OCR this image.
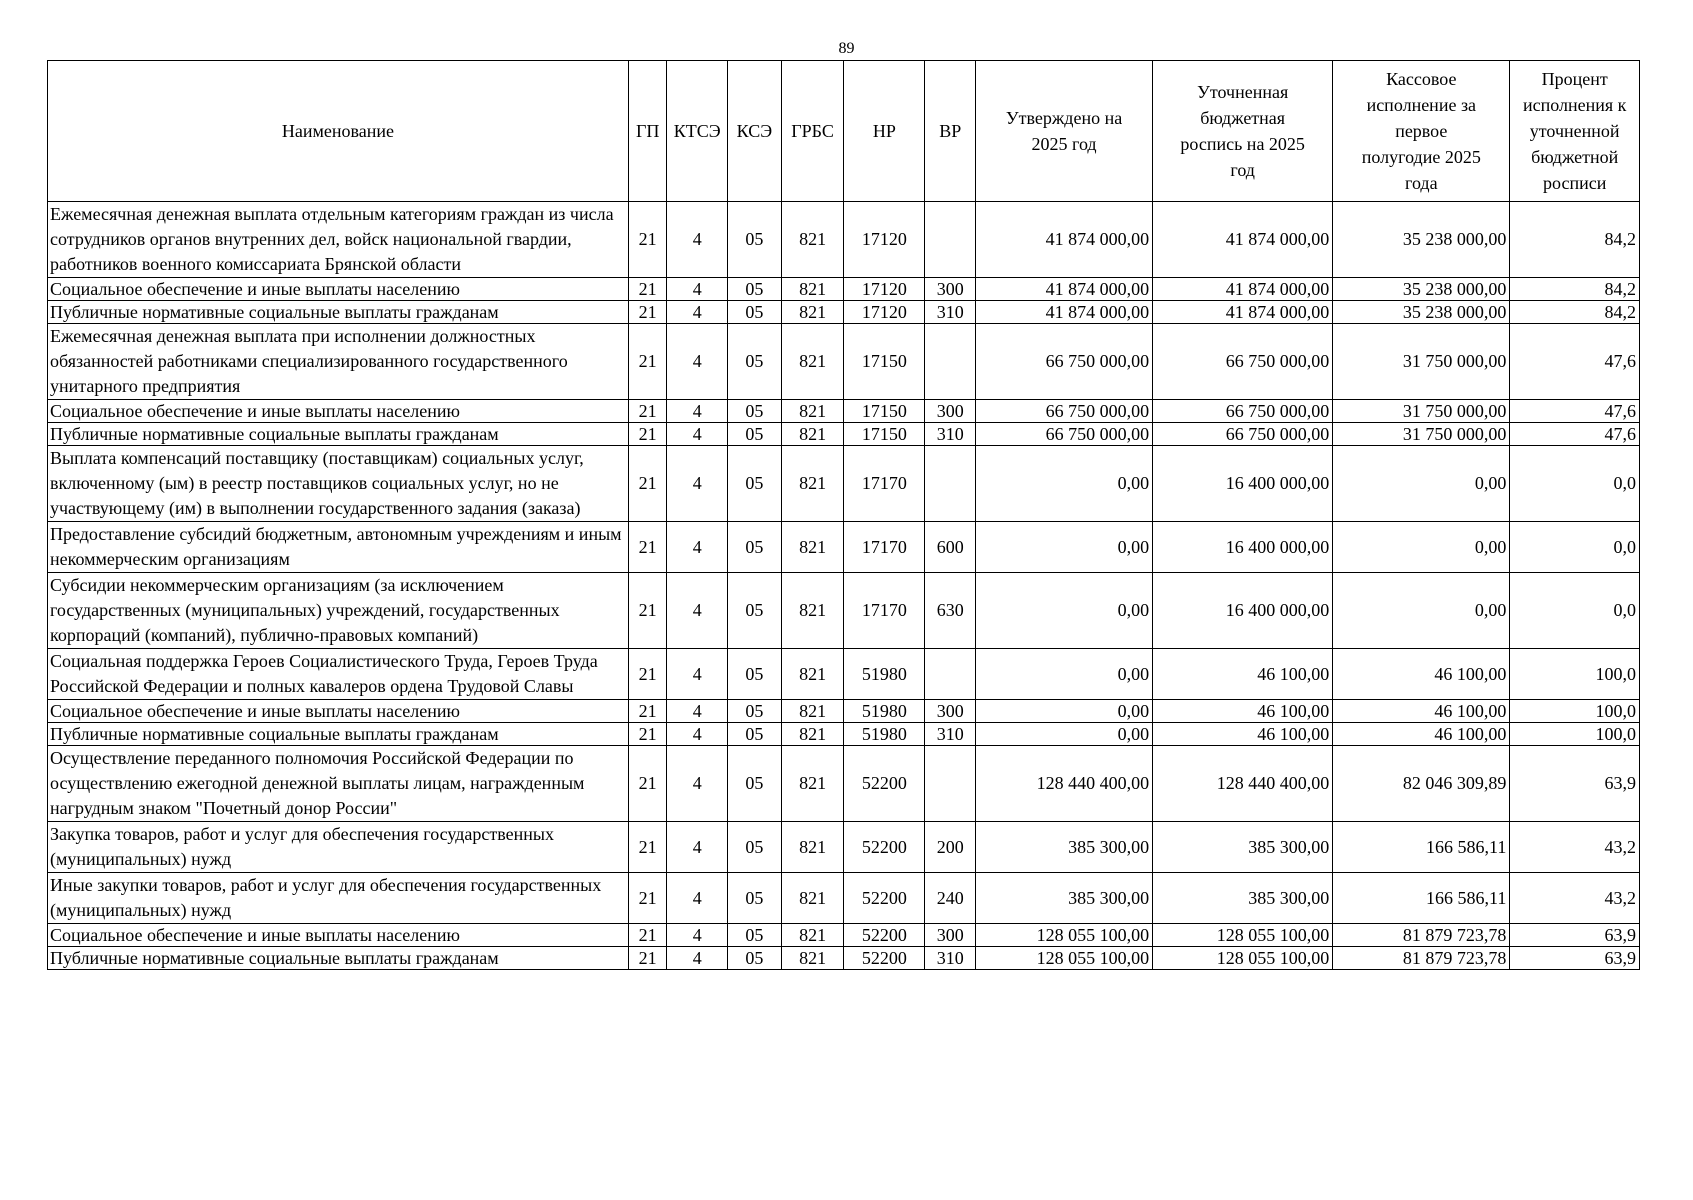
89
Наименование	ГП	КТСЭ	КСЭ	ГРБС	НР	ВР	Утверждено на 2025 год	Уточненная бюджетная роспись на 2025 год	Кассовое исполнение за первое полугодие 2025 года	Процент исполнения к уточненной бюджетной росписи
Ежемесячная денежная выплата отдельным категориям граждан из числа сотрудников органов внутренних дел, войск национальной гвардии, работников военного комиссариата Брянской области	21	4	05	821	17120		41 874 000,00	41 874 000,00	35 238 000,00	84,2
Социальное обеспечение и иные выплаты населению	21	4	05	821	17120	300	41 874 000,00	41 874 000,00	35 238 000,00	84,2
Публичные нормативные социальные выплаты гражданам	21	4	05	821	17120	310	41 874 000,00	41 874 000,00	35 238 000,00	84,2
Ежемесячная денежная выплата при исполнении должностных обязанностей работниками специализированного государственного унитарного предприятия	21	4	05	821	17150		66 750 000,00	66 750 000,00	31 750 000,00	47,6
Социальное обеспечение и иные выплаты населению	21	4	05	821	17150	300	66 750 000,00	66 750 000,00	31 750 000,00	47,6
Публичные нормативные социальные выплаты гражданам	21	4	05	821	17150	310	66 750 000,00	66 750 000,00	31 750 000,00	47,6
Выплата компенсаций поставщику (поставщикам) социальных услуг, включенному (ым) в реестр поставщиков социальных услуг, но не участвующему (им) в выполнении государственного задания (заказа)	21	4	05	821	17170		0,00	16 400 000,00	0,00	0,0
Предоставление субсидий бюджетным, автономным учреждениям и иным некоммерческим организациям	21	4	05	821	17170	600	0,00	16 400 000,00	0,00	0,0
Субсидии некоммерческим организациям (за исключением государственных (муниципальных) учреждений, государственных корпораций (компаний), публично-правовых компаний)	21	4	05	821	17170	630	0,00	16 400 000,00	0,00	0,0
Социальная поддержка Героев Социалистического Труда, Героев Труда Российской Федерации и полных кавалеров ордена Трудовой Славы	21	4	05	821	51980		0,00	46 100,00	46 100,00	100,0
Социальное обеспечение и иные выплаты населению	21	4	05	821	51980	300	0,00	46 100,00	46 100,00	100,0
Публичные нормативные социальные выплаты гражданам	21	4	05	821	51980	310	0,00	46 100,00	46 100,00	100,0
Осуществление переданного полномочия Российской Федерации по осуществлению ежегодной денежной выплаты лицам, награжденным нагрудным знаком "Почетный донор России"	21	4	05	821	52200		128 440 400,00	128 440 400,00	82 046 309,89	63,9
Закупка товаров, работ и услуг для обеспечения государственных (муниципальных) нужд	21	4	05	821	52200	200	385 300,00	385 300,00	166 586,11	43,2
Иные закупки товаров, работ и услуг для обеспечения государственных (муниципальных) нужд	21	4	05	821	52200	240	385 300,00	385 300,00	166 586,11	43,2
Социальное обеспечение и иные выплаты населению	21	4	05	821	52200	300	128 055 100,00	128 055 100,00	81 879 723,78	63,9
Публичные нормативные социальные выплаты гражданам	21	4	05	821	52200	310	128 055 100,00	128 055 100,00	81 879 723,78	63,9
